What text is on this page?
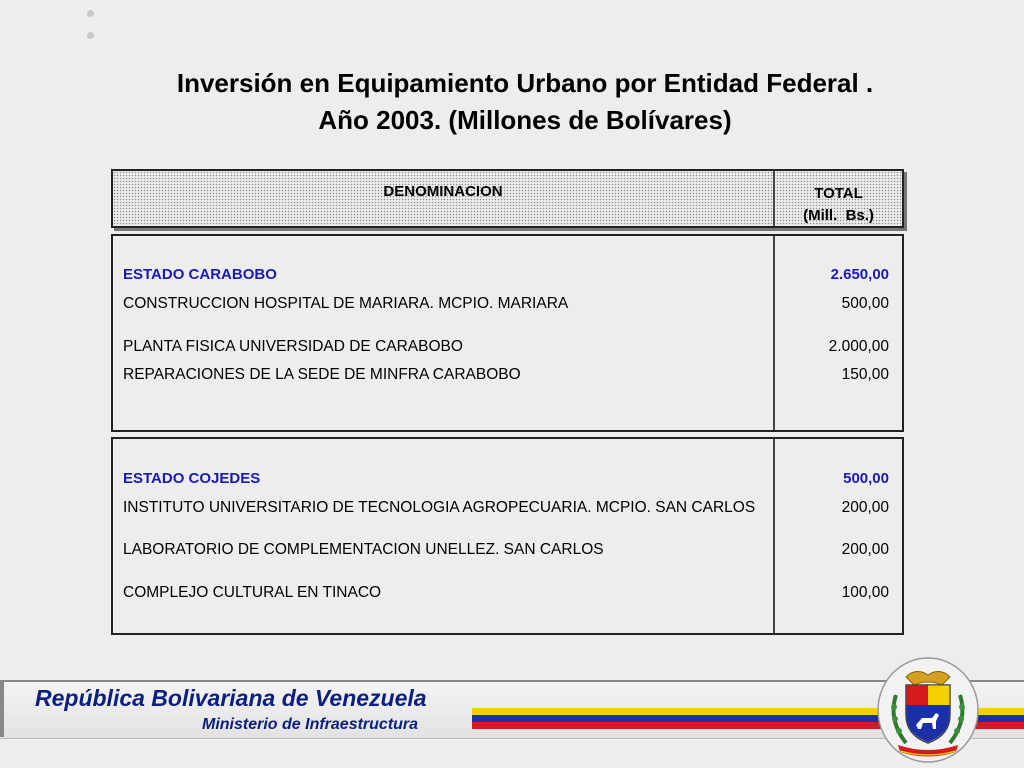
Inversión en Equipamiento Urbano por Entidad Federal .
Año 2003. (Millones de Bolívares)
DENOMINACION	TOTAL
(Mill.  Bs.)
ESTADO CARABOBO	2.650,00
CONSTRUCCION HOSPITAL DE MARIARA. MCPIO. MARIARA	500,00
PLANTA FISICA UNIVERSIDAD DE CARABOBO	2.000,00
REPARACIONES DE LA SEDE DE MINFRA CARABOBO	150,00
ESTADO COJEDES	500,00
INSTITUTO UNIVERSITARIO DE TECNOLOGIA AGROPECUARIA. MCPIO. SAN CARLOS	200,00
LABORATORIO DE COMPLEMENTACION UNELLEZ. SAN CARLOS	200,00
COMPLEJO CULTURAL EN TINACO	100,00
República Bolivariana de Venezuela
Ministerio de Infraestructura
